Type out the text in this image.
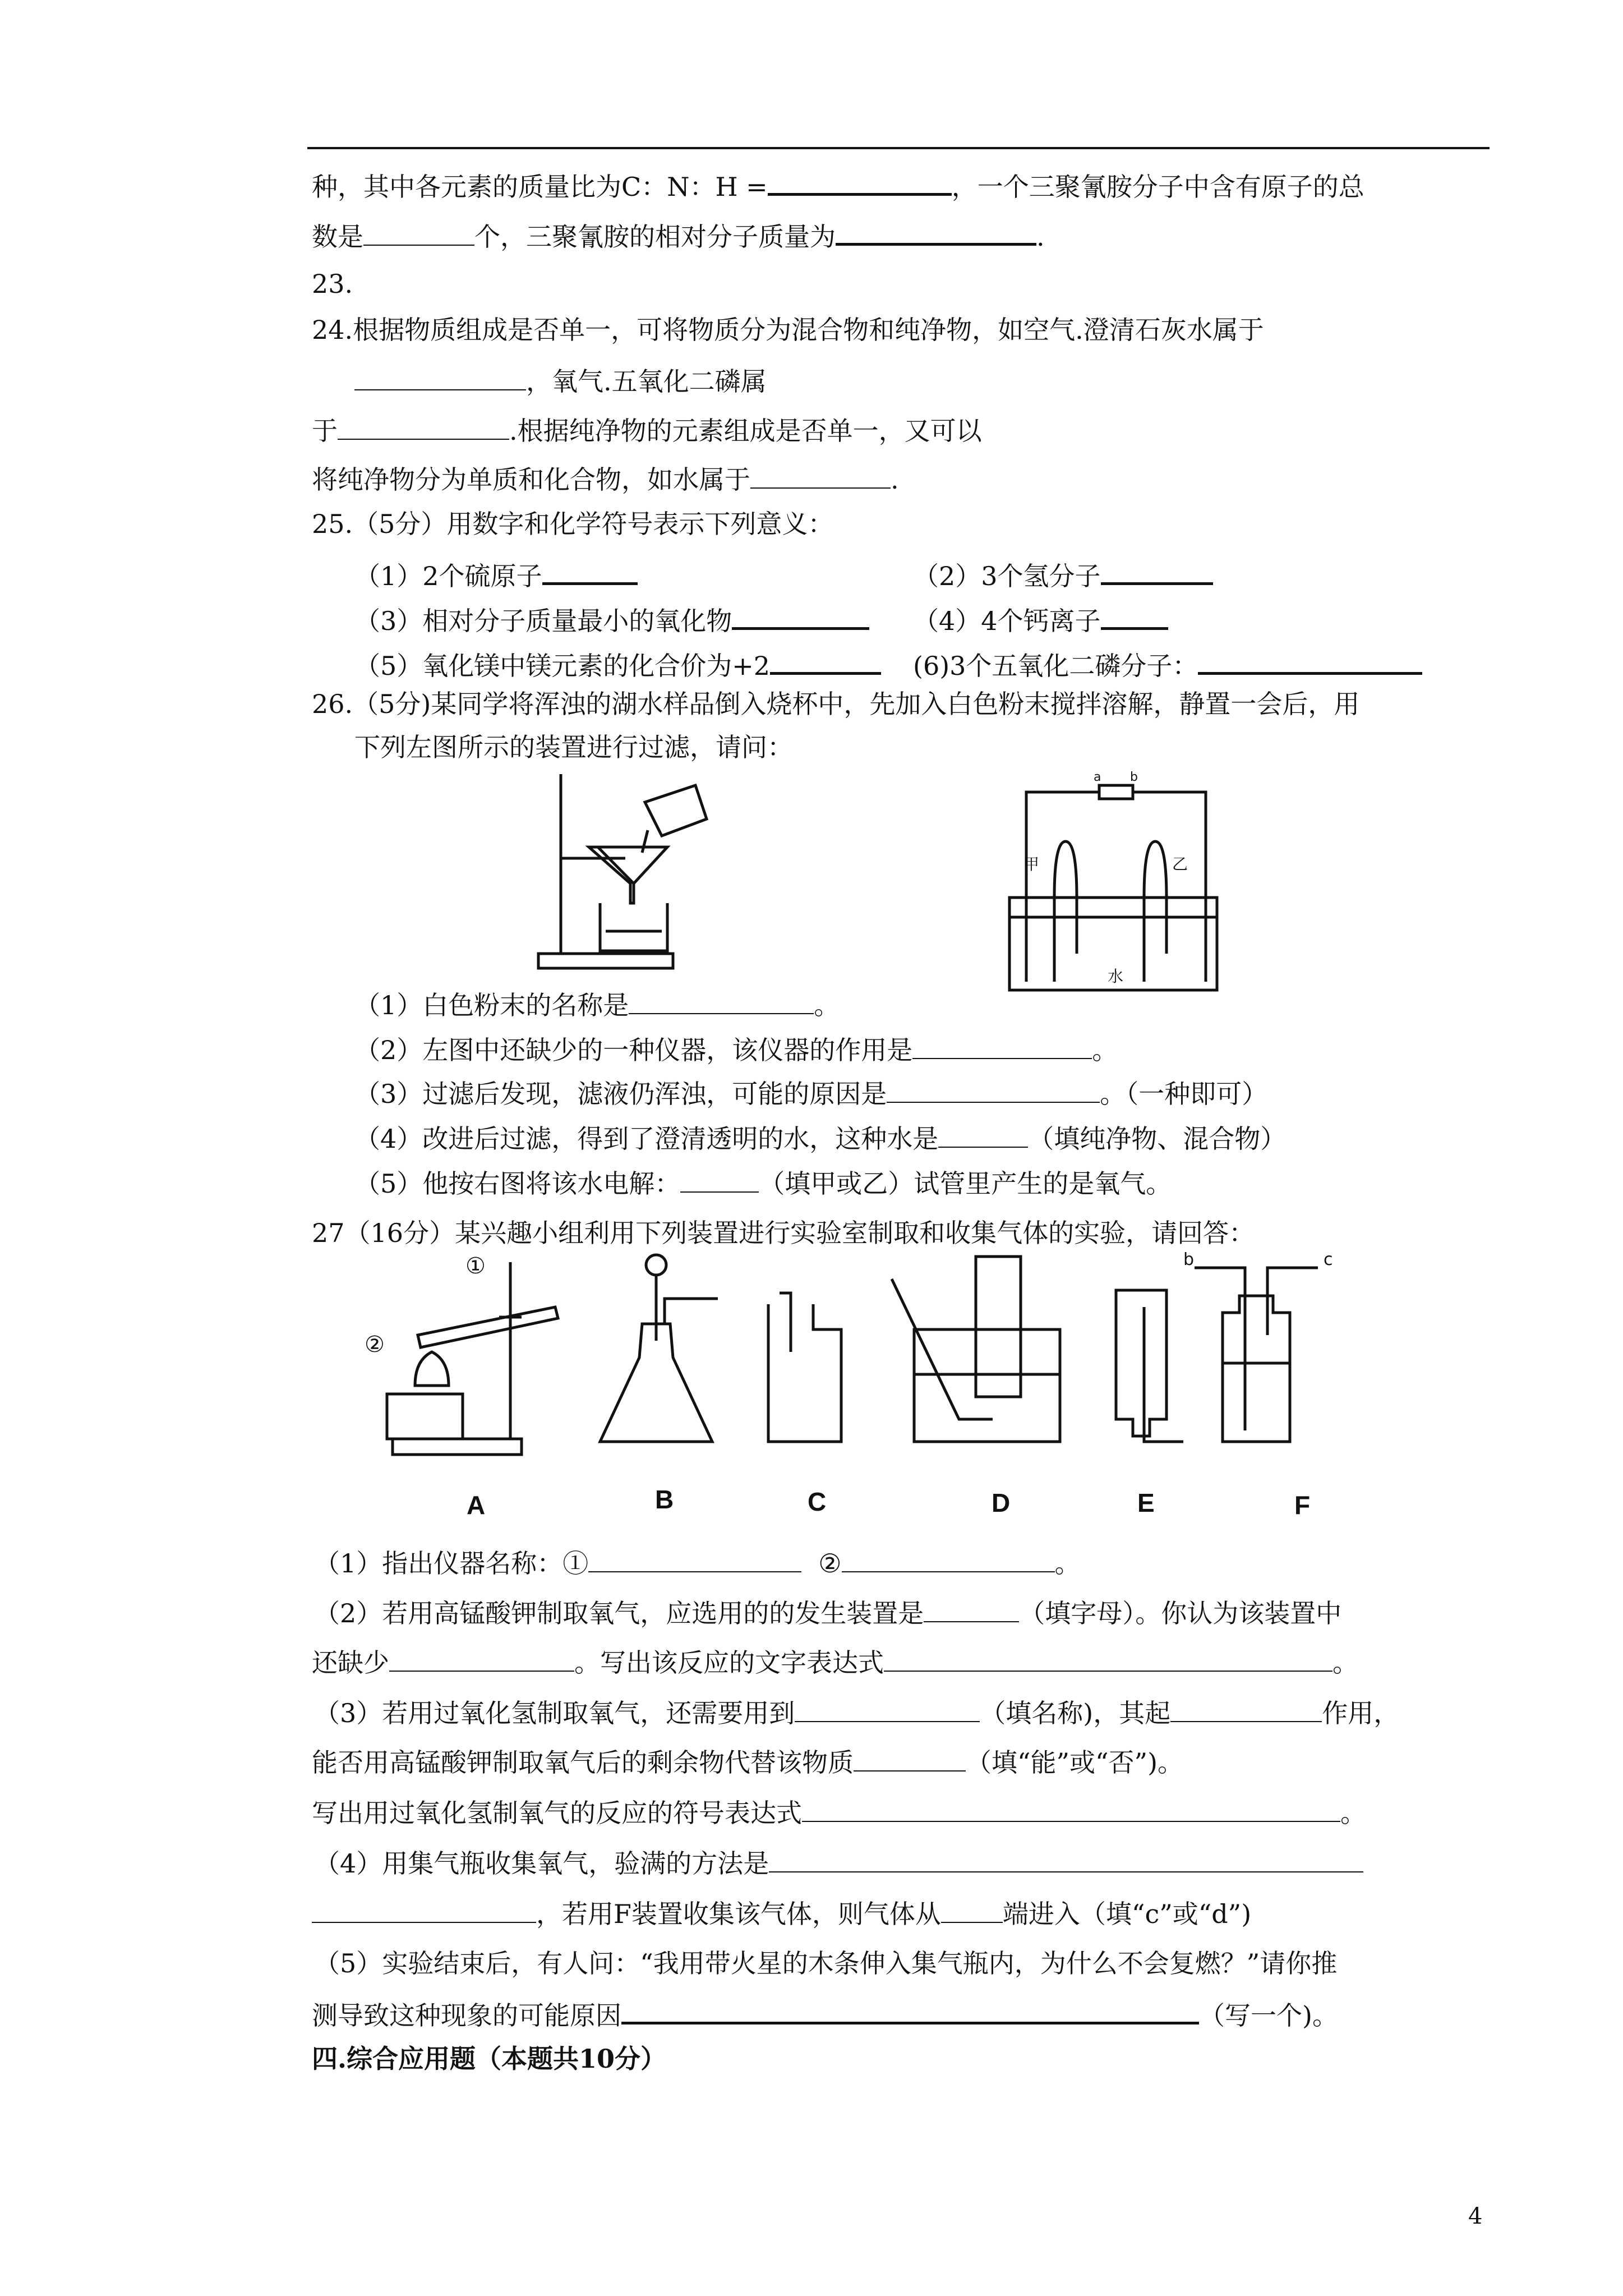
种，其中各元素的质量比为C：N：H =	，一个三聚氰胺分子中含有原子的总
数是	个，三聚氰胺的相对分子质量为	.
23.
24.根据物质组成是否单一，可将物质分为混合物和纯净物，如空气.澄清石灰水属于
，氧气.五氧化二磷属
于	.根据纯净物的元素组成是否单一，又可以
将纯净物分为单质和化合物，如水属于	.
25.（5分）用数字和化学符号表示下列意义：
（1）2个硫原子	（2）3个氢分子
（3）相对分子质量最小的氧化物	（4）4个钙离子
（5）氧化镁中镁元素的化合价为+2	(6)3个五氧化二磷分子：
26.（5分)某同学将浑浊的湖水样品倒入烧杯中，先加入白色粉末搅拌溶解，静置一会后，用
下列左图所示的装置进行过滤，请问：
a b
甲	乙
水
（1）白色粉末的名称是	。
（2）左图中还缺少的一种仪器，该仪器的作用是	。
（3）过滤后发现，滤液仍浑浊，可能的原因是	。（一种即可）
（4）改进后过滤，得到了澄清透明的水，这种水是	（填纯净物、混合物）
（5）他按右图将该水电解：	（填甲或乙）试管里产生的是氧气。
27（16分）某兴趣小组利用下列装置进行实验室制取和收集气体的实验，请回答：
①
②
b	c
A	B	C	D	E	F
（1）指出仪器名称：①	②	。
（2）若用高锰酸钾制取氧气，应选用的的发生装置是	（填字母）。你认为该装置中
还缺少	。写出该反应的文字表达式	。
（3）若用过氧化氢制取氧气，还需要用到	（填名称)，其起	作用，
能否用高锰酸钾制取氧气后的剩余物代替该物质	（填“能”或“否”)。
写出用过氧化氢制氧气的反应的符号表达式	。
（4）用集气瓶收集氧气，验满的方法是
，若用F装置收集该气体，则气体从 端进入（填“c”或“d”)
（5）实验结束后，有人问：“我用带火星的木条伸入集气瓶内，为什么不会复燃？”请你推
测导致这种现象的可能原因	（写一个)。
四.综合应用题（本题共10分）
4
